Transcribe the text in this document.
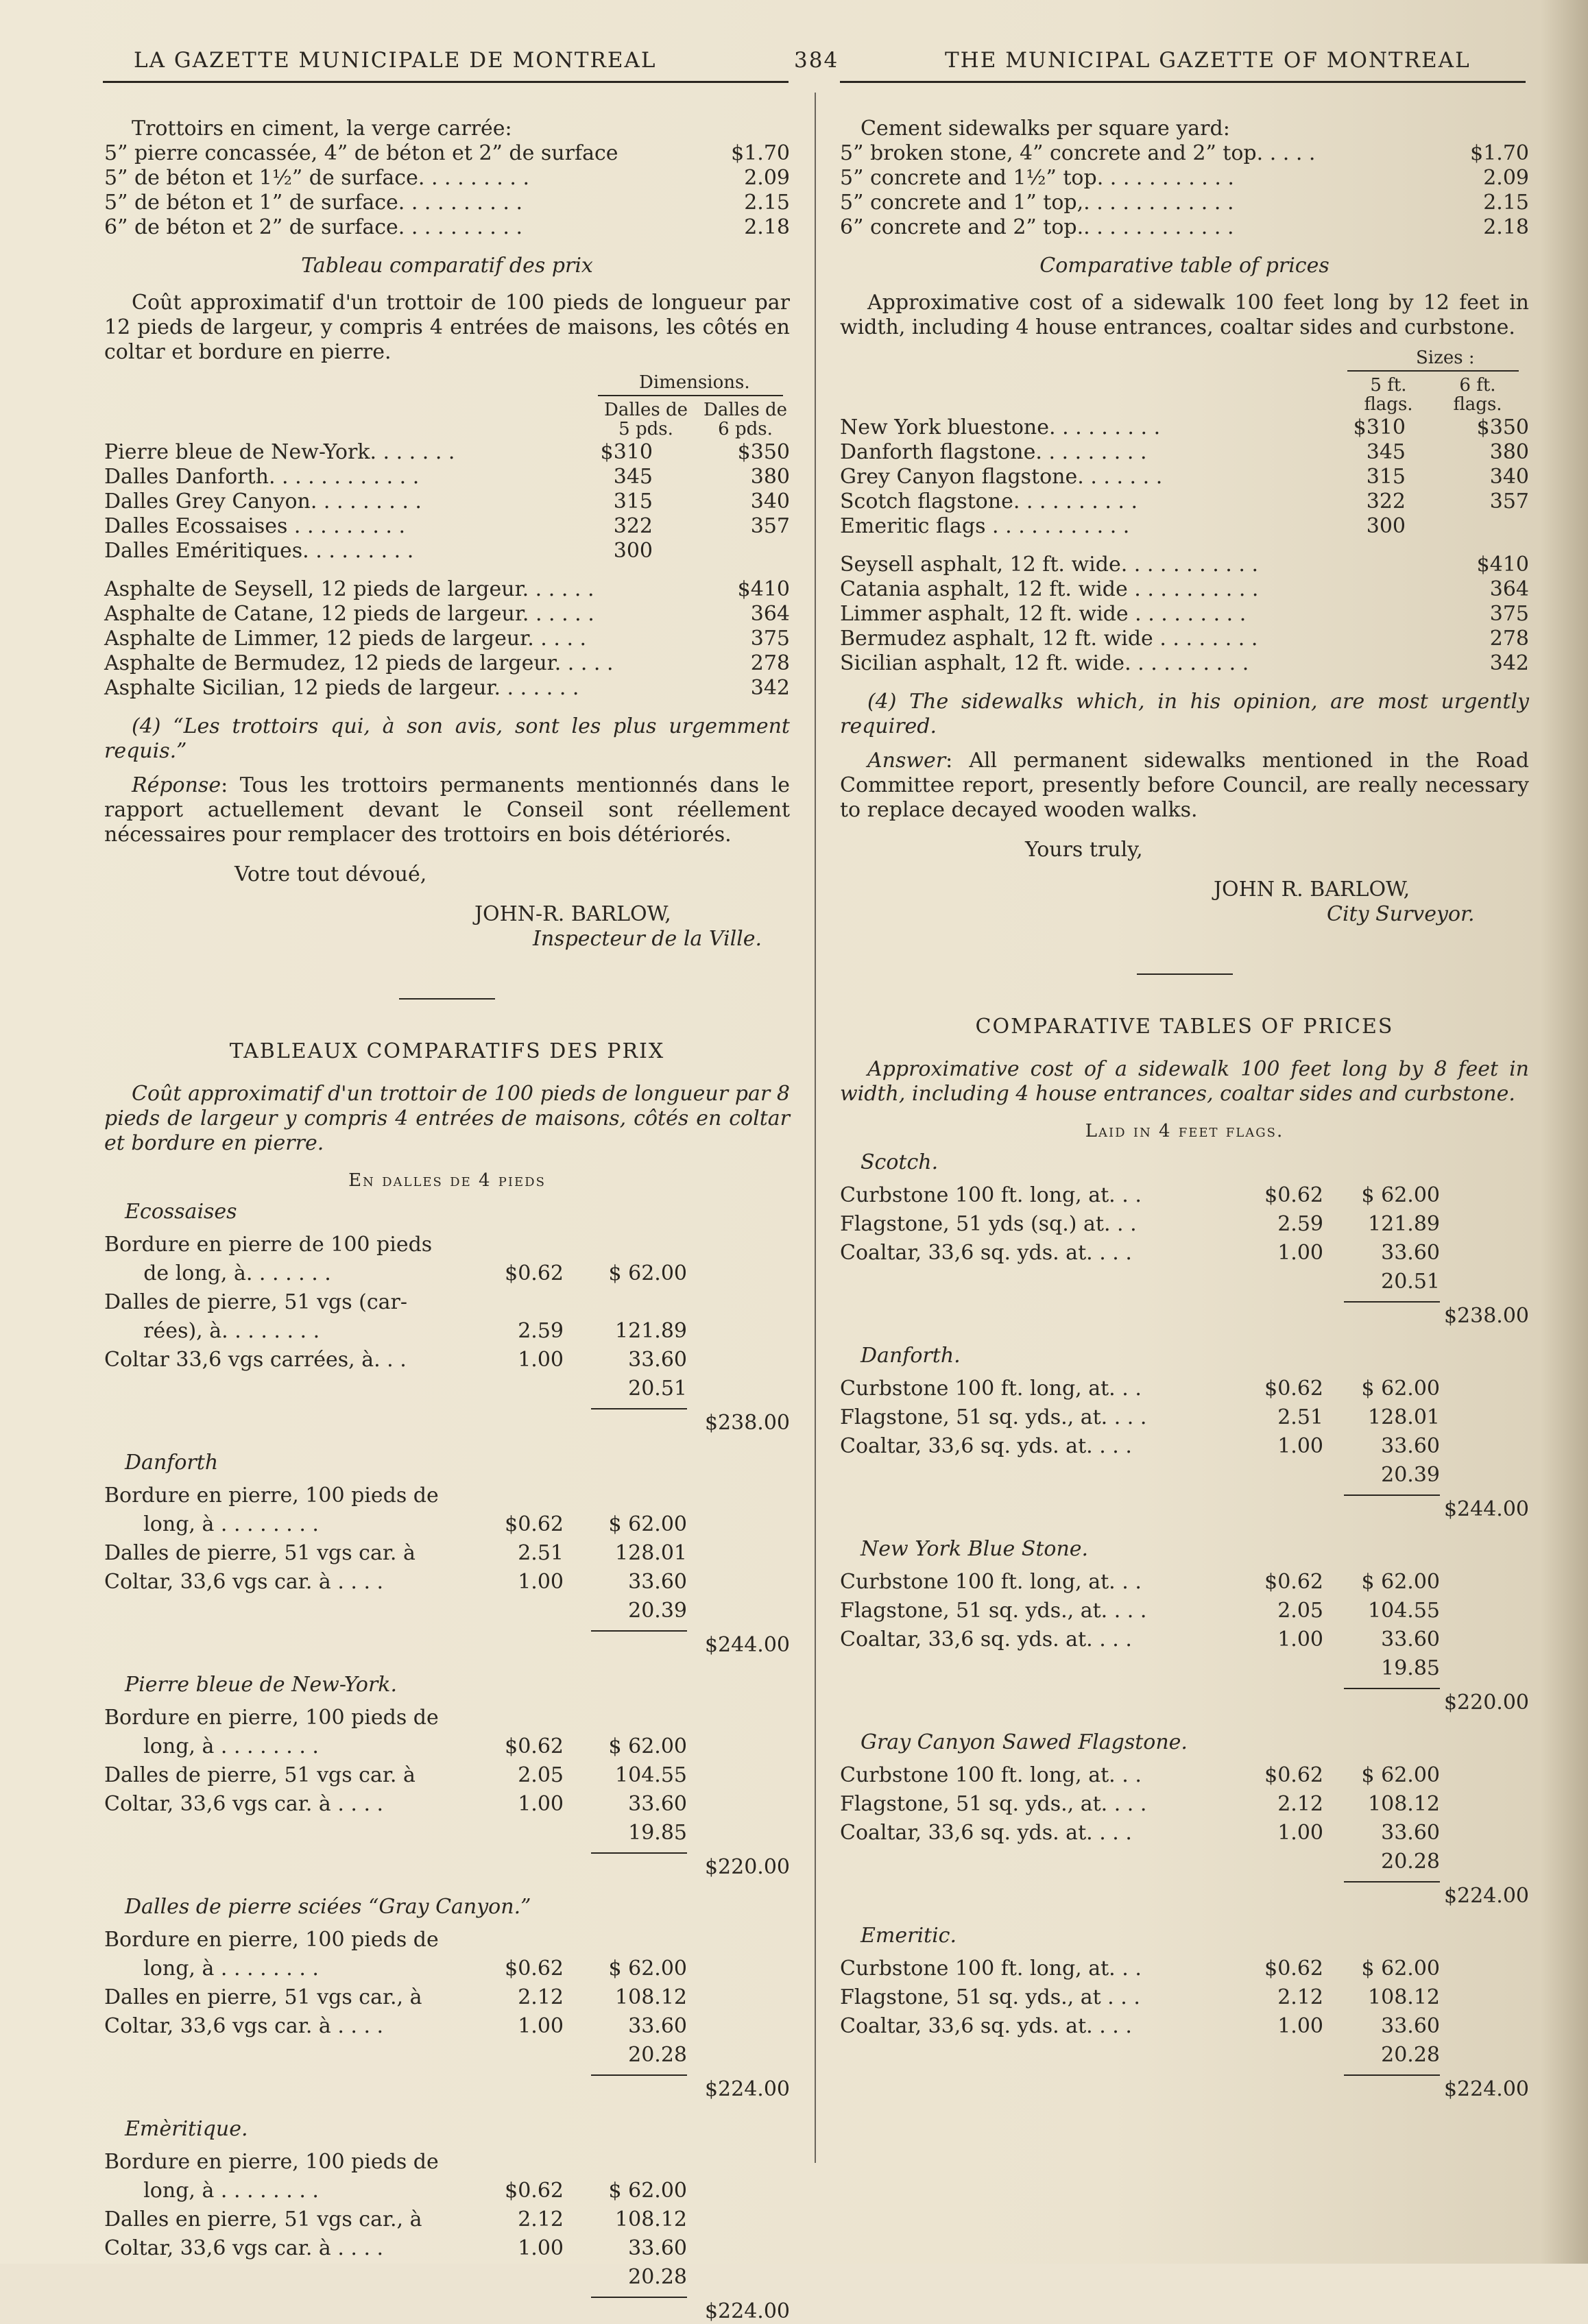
LA GAZETTE MUNICIPALE DE MONTREAL	384	THE MUNICIPAL GAZETTE OF MONTREAL
Trottoirs en ciment, la verge carrée:
5” pierre concassée, 4” de béton et 2” de surface	$1.70
5” de béton et 1½” de surface. . . . . . . . .	2.09
5” de béton et 1” de surface. . . . . . . . . .	2.15
6” de béton et 2” de surface. . . . . . . . . .	2.18

Tableau comparatif des prix

Coût approximatif d'un trottoir de 100 pieds de longueur par 12 pieds de largeur, y compris 4 entrées de maisons, les côtés en coltar et bordure en pierre.

Dimensions.
Dalles de 5 pds.
Dalles de 6 pds.
Pierre bleue de New-York. . . . . . .	$310	$350
Dalles Danforth. . . . . . . . . . . .	345	380
Dalles Grey Canyon. . . . . . . . .	315	340
Dalles Ecossaises . . . . . . . . .	322	357
Dalles Eméritiques. . . . . . . . .	300
Asphalte de Seysell, 12 pieds de largeur. . . . . .	$410
Asphalte de Catane, 12 pieds de largeur. . . . . .	364
Asphalte de Limmer, 12 pieds de largeur. . . . .	375
Asphalte de Bermudez, 12 pieds de largeur. . . . .	278
Asphalte Sicilian, 12 pieds de largeur. . . . . . .	342

(4) “Les trottoirs qui, à son avis, sont les plus urgemment requis.”

Réponse: Tous les trottoirs permanents mentionnés dans le rapport actuellement devant le Conseil sont réellement nécessaires pour remplacer des trottoirs en bois détériorés.

Votre tout dévoué,

JOHN-R. BARLOW,

Inspecteur de la Ville.

TABLEAUX COMPARATIFS DES PRIX

Coût approximatif d'un trottoir de 100 pieds de longueur par 8 pieds de largeur y compris 4 entrées de maisons, côtés en coltar et bordure en pierre.

En dalles de 4 pieds

Ecossaises

Bordure en pierre de 100 pieds
de long, à. . . . . . .	$0.62 $ 62.00
Dalles de pierre, 51 vgs (car-
rées), à. . . . . . . .	2.59	121.89
Coltar 33,6 vgs carrées, à. . .	1.00	33.60
20.51
$238.00

Danforth

Bordure en pierre, 100 pieds de
long, à . . . . . . . .	$0.62 $ 62.00
Dalles de pierre, 51 vgs car. à	2.51	128.01
Coltar, 33,6 vgs car. à . . . .	1.00	33.60
20.39
$244.00

Pierre bleue de New-York.

Bordure en pierre, 100 pieds de
long, à . . . . . . . .	$0.62 $ 62.00
Dalles de pierre, 51 vgs car. à	2.05	104.55
Coltar, 33,6 vgs car. à . . . .	1.00	33.60
19.85
$220.00

Dalles de pierre sciées “Gray Canyon.”

Bordure en pierre, 100 pieds de
long, à . . . . . . . .	$0.62 $ 62.00
Dalles en pierre, 51 vgs car., à	2.12	108.12
Coltar, 33,6 vgs car. à . . . .	1.00	33.60
20.28
$224.00

Emèritique.

Bordure en pierre, 100 pieds de
long, à . . . . . . . .	$0.62 $ 62.00
Dalles en pierre, 51 vgs car., à	2.12	108.12
Coltar, 33,6 vgs car. à . . . .	1.00	33.60
20.28
$224.00
Cement sidewalks per square yard:
5” broken stone, 4” concrete and 2” top. . . . .	$1.70
5” concrete and 1½” top. . . . . . . . . . .	2.09
5” concrete and 1” top,. . . . . . . . . . . .	2.15
6” concrete and 2” top.. . . . . . . . . . . .	2.18

Comparative table of prices

Approximative cost of a sidewalk 100 feet long by 12 feet in width, including 4 house entrances, coaltar sides and curbstone.

Sizes :
5 ft. flags.
6 ft. flags.
New York bluestone. . . . . . . . .	$310	$350
Danforth flagstone. . . . . . . . .	345	380
Grey Canyon flagstone. . . . . . .	315	340
Scotch flagstone. . . . . . . . . .	322	357
Emeritic flags . . . . . . . . . . .	300
Seysell asphalt, 12 ft. wide. . . . . . . . . . .	$410
Catania asphalt, 12 ft. wide . . . . . . . . . .	364
Limmer asphalt, 12 ft. wide . . . . . . . . .	375
Bermudez asphalt, 12 ft. wide . . . . . . . .	278
Sicilian asphalt, 12 ft. wide. . . . . . . . . .	342

(4) The sidewalks which, in his opinion, are most urgently required.

Answer: All permanent sidewalks mentioned in the Road Committee report, presently before Council, are really necessary to replace decayed wooden walks.

Yours truly,

JOHN R. BARLOW,

City Surveyor.

COMPARATIVE TABLES OF PRICES

Approximative cost of a sidewalk 100 feet long by 8 feet in width, including 4 house entrances, coaltar sides and curbstone.

Laid in 4 feet flags.

Scotch.

Curbstone 100 ft. long, at. . .	$0.62 $ 62.00
Flagstone, 51 yds (sq.) at. . .	2.59 121.89
Coaltar, 33,6 sq. yds. at. . . .	1.00	33.60
20.51
$238.00

Danforth.

Curbstone 100 ft. long, at. . .	$0.62 $ 62.00
Flagstone, 51 sq. yds., at. . . .	2.51 128.01
Coaltar, 33,6 sq. yds. at. . . .	1.00	33.60
20.39
$244.00

New York Blue Stone.

Curbstone 100 ft. long, at. . .	$0.62 $ 62.00
Flagstone, 51 sq. yds., at. . . .	2.05 104.55
Coaltar, 33,6 sq. yds. at. . . .	1.00	33.60
19.85
$220.00

Gray Canyon Sawed Flagstone.

Curbstone 100 ft. long, at. . .	$0.62 $ 62.00
Flagstone, 51 sq. yds., at. . . .	2.12 108.12
Coaltar, 33,6 sq. yds. at. . . .	1.00	33.60
20.28
$224.00

Emeritic.

Curbstone 100 ft. long, at. . .	$0.62 $ 62.00
Flagstone, 51 sq. yds., at . . .	2.12 108.12
Coaltar, 33,6 sq. yds. at. . . .	1.00	33.60
20.28
$224.00
